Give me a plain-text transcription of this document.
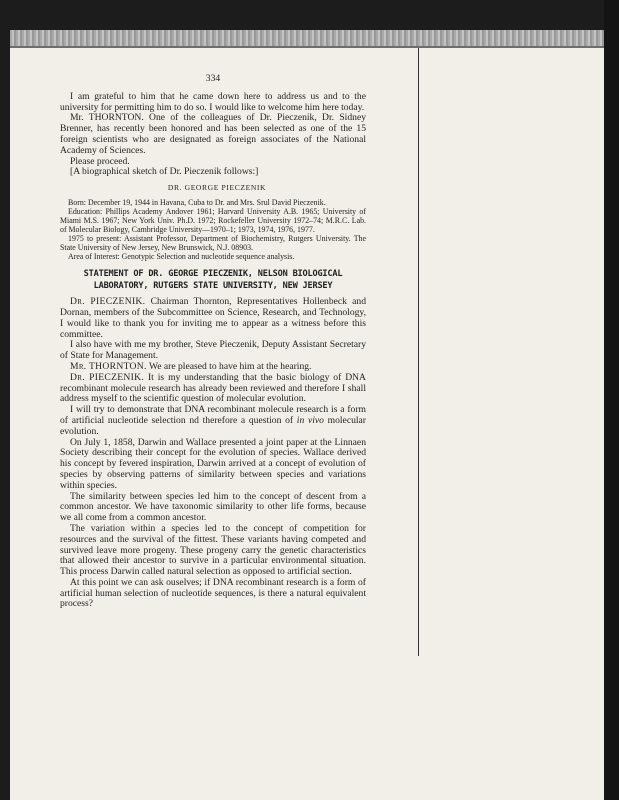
334

I am grateful to him that he came down here to address us and to the university for permitting him to do so. I would like to welcome him here today.

Mr. THORNTON. One of the colleagues of Dr. Pieczenik, Dr. Sidney Brenner, has recently been honored and has been selected as one of the 15 foreign scientists who are designated as foreign associates of the National Academy of Sciences.

Please proceed.

[A biographical sketch of Dr. Pieczenik follows:]

DR. GEORGE PIECZENIK

Born: December 19, 1944 in Havana, Cuba to Dr. and Mrs. Srul David Pieczenik.

Education: Phillips Academy Andover 1961; Harvard University A.B. 1965; University of Miami M.S. 1967; New York Univ. Ph.D. 1972; Rockefeller University 1972–74; M.R.C. Lab. of Molecular Biology, Cambridge University—1970–1; 1973, 1974, 1976, 1977.

1975 to present: Assistant Professor, Department of Biochemistry, Rutgers University. The State University of New Jersey, New Brunswick, N.J. 08903.

Area of Interest: Genotypic Selection and nucleotide sequence analysis.

STATEMENT OF DR. GEORGE PIECZENIK, NELSON BIOLOGICAL LABORATORY, RUTGERS STATE UNIVERSITY, NEW JERSEY

Dr. PIECZENIK. Chairman Thornton, Representatives Hollenbeck and Dornan, members of the Subcommittee on Science, Research, and Technology, I would like to thank you for inviting me to appear as a witness before this committee.

I also have with me my brother, Steve Pieczenik, Deputy Assistant Secretary of State for Management.

Mr. THORNTON. We are pleased to have him at the hearing.

Dr. PIECZENIK. It is my understanding that the basic biology of DNA recombinant molecule research has already been reviewed and therefore I shall address myself to the scientific question of molecular evolution.

I will try to demonstrate that DNA recombinant molecule research is a form of artificial nucleotide selection nd therefore a question of in vivo molecular evolution.

On July 1, 1858, Darwin and Wallace presented a joint paper at the Linnaen Society describing their concept for the evolution of species. Wallace derived his concept by fevered inspiration, Darwin arrived at a concept of evolution of species by observing patterns of similarity between species and variations within species.

The similarity between species led him to the concept of descent from a common ancestor. We have taxonomic similarity to other life forms, because we all come from a common ancestor.

The variation within a species led to the concept of competition for resources and the survival of the fittest. These variants having competed and survived leave more progeny. These progeny carry the genetic characteristics that allowed their ancestor to survive in a particular environmental situation. This process Darwin called natural selection as opposed to artificial section.

At this point we can ask ouselves; if DNA recombinant research is a form of artificial human selection of nucleotide sequences, is there a natural equivalent process?
